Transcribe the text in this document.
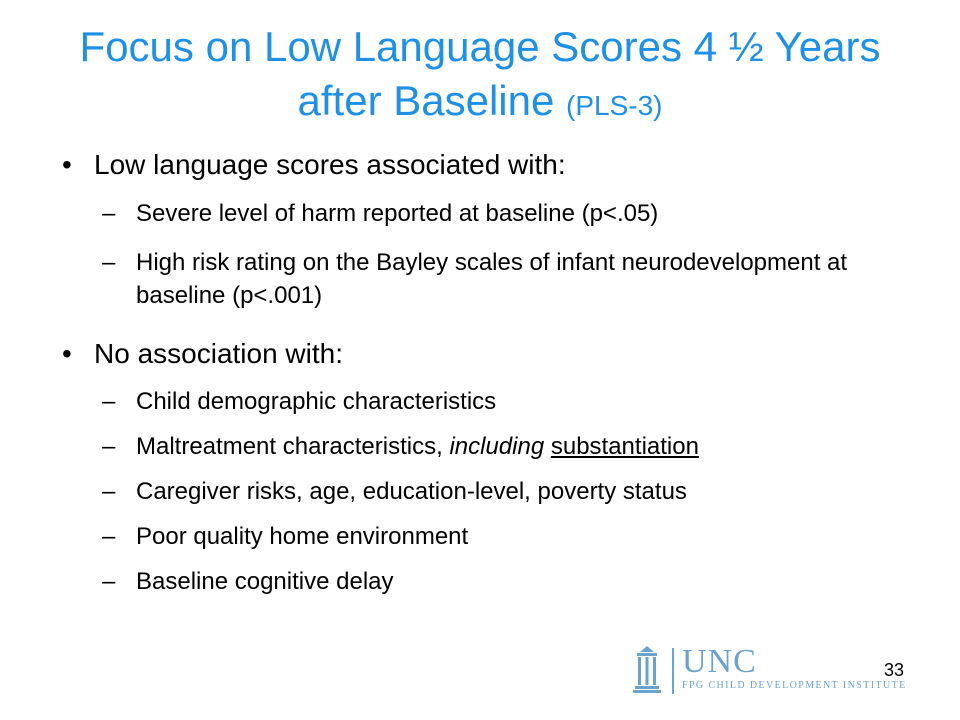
Focus on Low Language Scores 4 ½ Years after Baseline (PLS-3)
• Low language scores associated with:
– Severe level of harm reported at baseline (p<.05)
– High risk rating on the Bayley scales of infant neurodevelopment at baseline (p<.001)
• No association with:
– Child demographic characteristics
– Maltreatment characteristics, including substantiation
– Caregiver risks, age, education-level, poverty status
– Poor quality home environment
– Baseline cognitive delay
UNC
FPG CHILD DEVELOPMENT INSTITUTE
33
